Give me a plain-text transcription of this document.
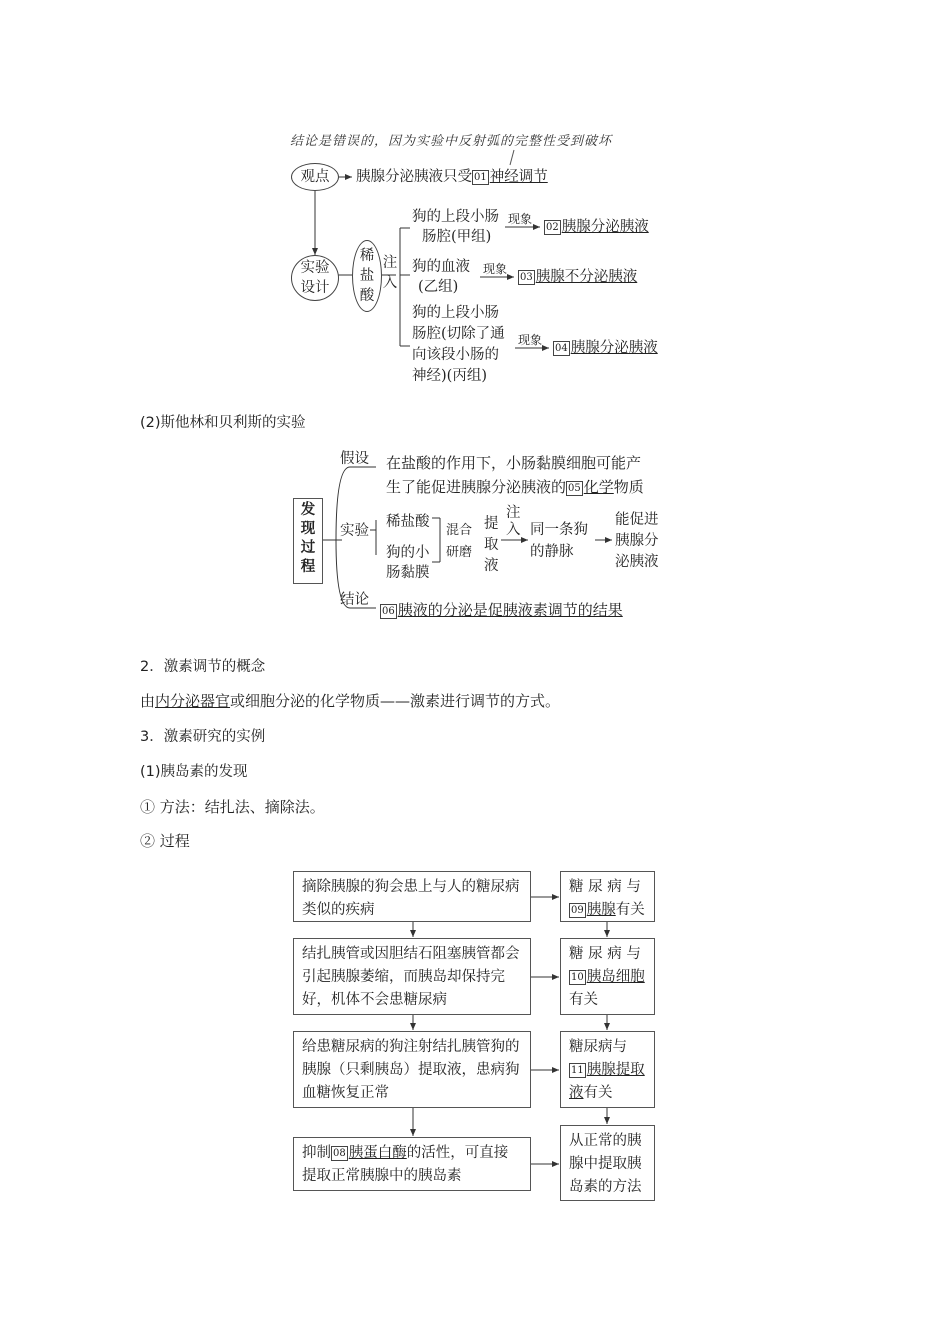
结论是错误的，因为实验中反射弧的完整性受到破坏
观点	胰腺分泌胰液只受 01 神经调节
实验
设计
稀
盐
酸
注
入
狗的上段小肠
肠腔(甲组)
现象
02 胰腺分泌胰液
狗的血液
(乙组)
现象
03 胰腺不分泌胰液
狗的上段小肠
肠腔(切除了通
向该段小肠的
神经)(丙组)
现象
04 胰腺分泌胰液
(2)斯他林和贝利斯的实验
发
现
过
程
假设 在盐酸的作用下，小肠黏膜细胞可能产
生了能促进胰腺分泌胰液的 05 化学物质
实验
稀盐酸
狗的小
肠黏膜
混合
研磨
提
取
液
注
入 同一条狗
的静脉
能促进
胰腺分
泌胰液
结论
06 胰液的分泌是促胰液素调节的结果
2．激素调节的概念
由内分泌器官或细胞分泌的化学物质——激素进行调节的方式。
3．激素研究的实例
(1)胰岛素的发现
① 方法：结扎法、摘除法。
② 过程
摘除胰腺的狗会患上与人的糖尿病类似的疾病
糖 尿 病 与
09 胰腺有关
结扎胰管或因胆结石阻塞胰管都会引起胰腺萎缩，而胰岛却保持完好，机体不会患糖尿病
糖 尿 病 与
10 胰岛细胞
有关
给患糖尿病的狗注射结扎胰管狗的胰腺（只剩胰岛）提取液，患病狗血糖恢复正常
糖尿病与
11 胰腺提取
液有关
抑制 08 胰蛋白酶的活性，可直接提取正常胰腺中的胰岛素
从正常的胰腺中提取胰岛素的方法
